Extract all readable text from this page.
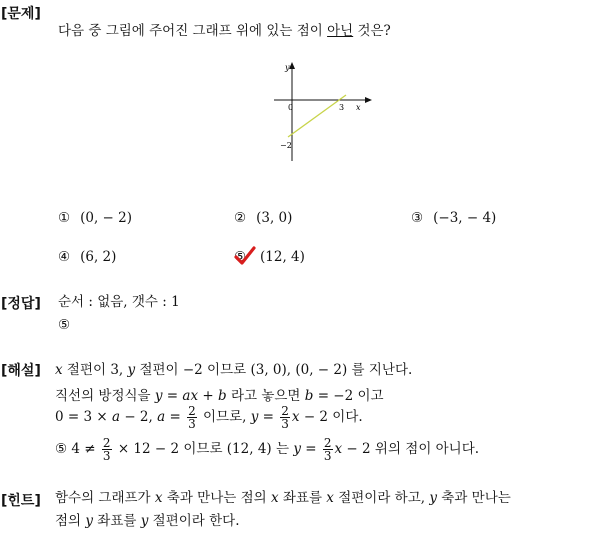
[문제]
다음 중 그림에 주어진 그래프 위에 있는 점이 아닌 것은?
y
0	3 x
−2
① (0, − 2)	② (3, 0)	③ (−3, − 4)
④ (6, 2)	⑤	(12, 4)
[정답] 순서 : 없음, 갯수 : 1
⑤
[해설] x 절편이 3, y 절편이 −2 이므로 (3, 0), (0, − 2) 를 지난다.
직선의 방정식을 y = ax + b 라고 놓으면 b = −2 이고
0 = 3 × a − 2, $a = \frac{2}{3}$ 이므로, $y = \frac{2}{3}$ x − 2 이다.
⑤ $4 \ne \frac{2}{3} \times 12 - 2$ 이므로 (12, 4) 는 $y = \frac{2}{3}$ x − 2 위의 점이 아니다.
[힌트] 함수의 그래프가 x 축과 만나는 점의 x 좌표를 x 절편이라 하고, y 축과 만나는
점의 y 좌표를 y 절편이라 한다.
